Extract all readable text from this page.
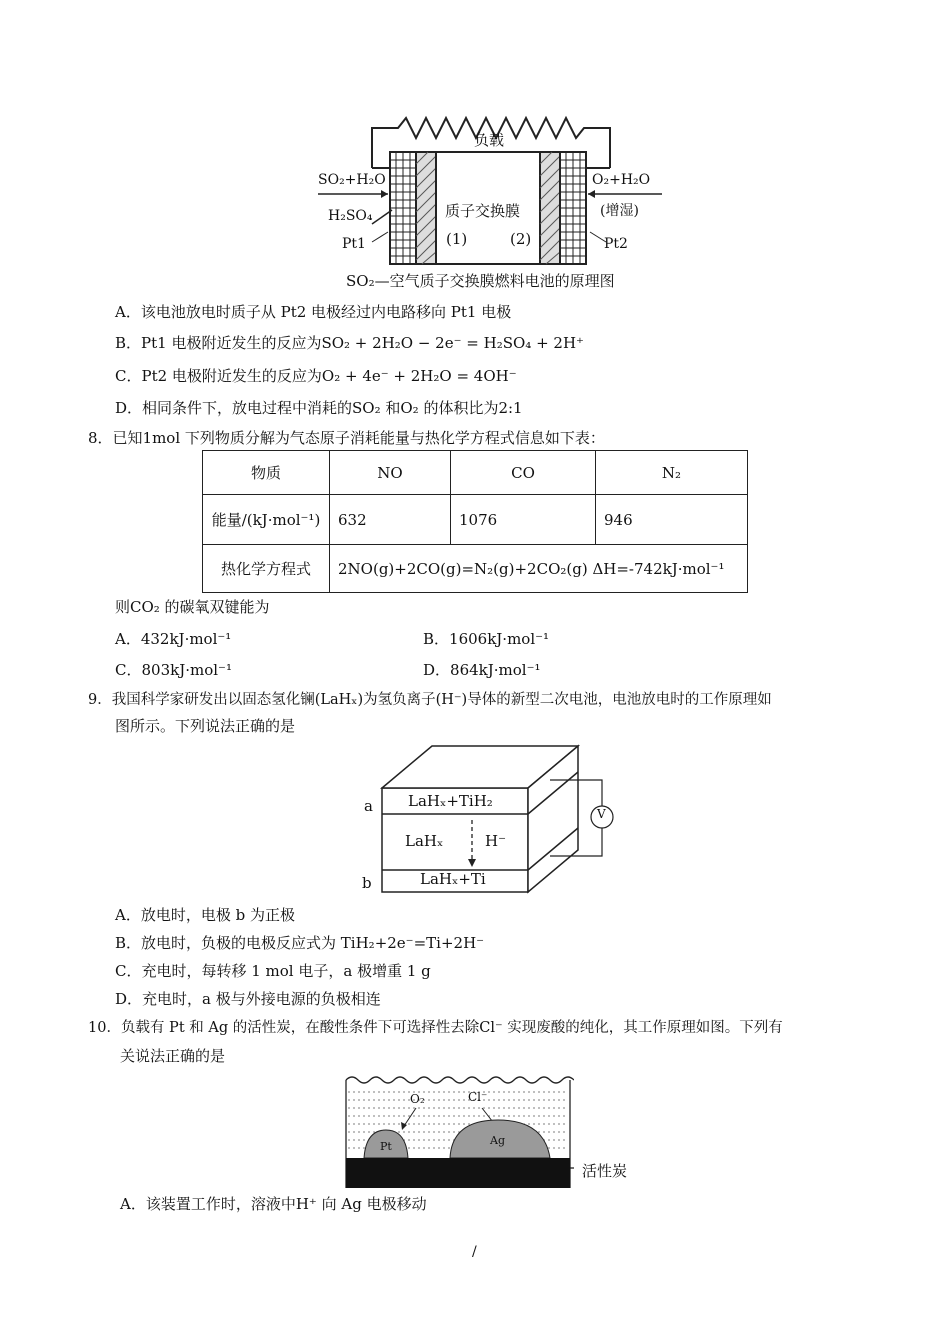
负载
SO₂+H₂O
H₂SO₄
Pt1
质子交换膜
(1)	(2)
O₂+H₂O
(增湿)
Pt2
SO₂—空气质子交换膜燃料电池的原理图
A．该电池放电时质子从 Pt2 电极经过内电路移向 Pt1 电极
B．Pt1 电极附近发生的反应为SO₂ + 2H₂O − 2e⁻ = H₂SO₄ + 2H⁺
C．Pt2 电极附近发生的反应为O₂ + 4e⁻ + 2H₂O = 4OH⁻
D．相同条件下，放电过程中消耗的SO₂ 和O₂ 的体积比为2:1
8．已知1mol 下列物质分解为气态原子消耗能量与热化学方程式信息如下表：
物质	NO	CO	N₂
能量/(kJ·mol⁻¹)	632	1076	946
热化学方程式	2NO(g)+2CO(g)=N₂(g)+2CO₂(g) ΔH=-742kJ·mol⁻¹		
则CO₂ 的碳氧双键能为
A．432kJ·mol⁻¹	B．1606kJ·mol⁻¹
C．803kJ·mol⁻¹	D．864kJ·mol⁻¹
9．我国科学家研发出以固态氢化镧(LaHₓ)为氢负离子(H⁻)导体的新型二次电池，电池放电时的工作原理如
图所示。下列说法正确的是
a
b
LaHₓ+TiH₂
LaHₓ	H⁻
LaHₓ+Ti
V
A．放电时，电极 b 为正极
B．放电时，负极的电极反应式为 TiH₂+2e⁻=Ti+2H⁻
C．充电时，每转移 1 mol 电子，a 极增重 1 g
D．充电时，a 极与外接电源的负极相连
10．负载有 Pt 和 Ag 的活性炭，在酸性条件下可选择性去除Cl⁻ 实现废酸的纯化，其工作原理如图。下列有
关说法正确的是
O₂	Cl⁻
Pt	Ag
活性炭
A．该装置工作时，溶液中H⁺ 向 Ag 电极移动
/
